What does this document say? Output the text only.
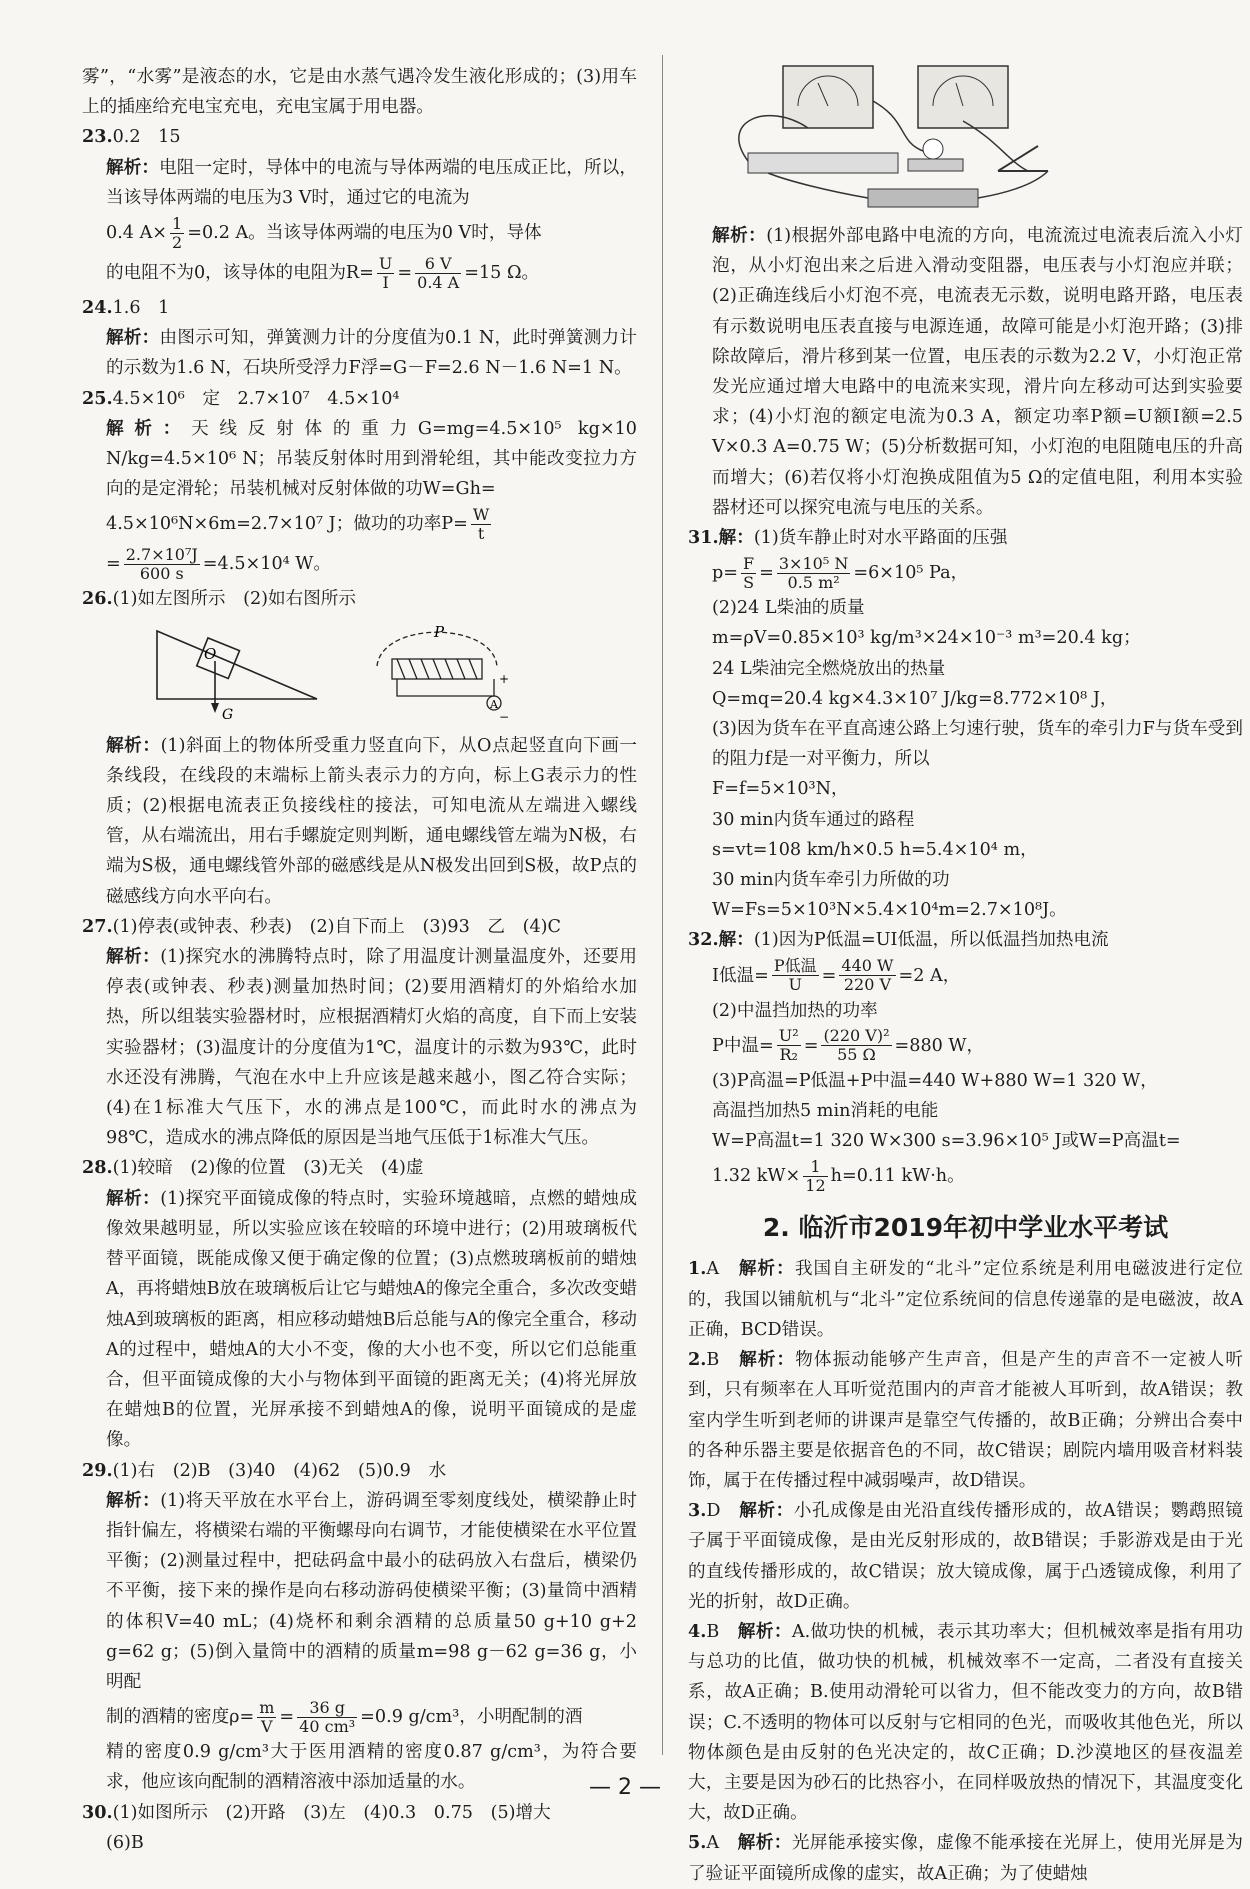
雾”，“水雾”是液态的水，它是由水蒸气遇冷发生液化形成的；(3)用车上的插座给充电宝充电，充电宝属于用电器。

23.0.2　15

解析：电阻一定时，导体中的电流与导体两端的电压成正比，所以，当该导体两端的电压为3 V时，通过它的电流为

0.4 $A\times \frac{1}{2} =0.2$ A。当该导体两端的电压为0 V时，导体

的电阻不为0，该导体的电阻为$R= \frac{U}{I} = \frac{6 V}{0.4 A} =15$ Ω。

24.1.6　1

解析：由图示可知，弹簧测力计的分度值为0.1 N，此时弹簧测力计的示数为1.6 N，石块所受浮力F浮=G－F=2.6 N－1.6 N=1 N。

25.4.5×10⁶　定　2.7×10⁷　4.5×10⁴

解析：天线反射体的重力G=mg=4.5×10⁵ kg×10 N/kg=4.5×10⁶ N；吊装反射体时用到滑轮组，其中能改变拉力方向的是定滑轮；吊装机械对反射体做的功W=Gh=

4.5×10⁶N×6m=2.7×10⁷ J；做功的功率$P= \frac{W}{t}$

= $\frac{\text{2.7×10⁷J}}{600 s} =4.5\times 10^4$ W。

26.(1)如左图所示　(2)如右图所示

O
G
P
A
+
−

解析：(1)斜面上的物体所受重力竖直向下，从O点起竖直向下画一条线段，在线段的末端标上箭头表示力的方向，标上G表示力的性质；(2)根据电流表正负接线柱的接法，可知电流从左端进入螺线管，从右端流出，用右手螺旋定则判断，通电螺线管左端为N极，右端为S极，通电螺线管外部的磁感线是从N极发出回到S极，故P点的磁感线方向水平向右。

27.(1)停表(或钟表、秒表)　(2)自下而上　(3)93　乙　(4)C

解析：(1)探究水的沸腾特点时，除了用温度计测量温度外，还要用停表(或钟表、秒表)测量加热时间；(2)要用酒精灯的外焰给水加热，所以组装实验器材时，应根据酒精灯火焰的高度，自下而上安装实验器材；(3)温度计的分度值为1℃，温度计的示数为93℃，此时水还没有沸腾，气泡在水中上升应该是越来越小，图乙符合实际；(4)在1标准大气压下，水的沸点是100℃，而此时水的沸点为98℃，造成水的沸点降低的原因是当地气压低于1标准大气压。

28.(1)较暗　(2)像的位置　(3)无关　(4)虚

解析：(1)探究平面镜成像的特点时，实验环境越暗，点燃的蜡烛成像效果越明显，所以实验应该在较暗的环境中进行；(2)用玻璃板代替平面镜，既能成像又便于确定像的位置；(3)点燃玻璃板前的蜡烛A，再将蜡烛B放在玻璃板后让它与蜡烛A的像完全重合，多次改变蜡烛A到玻璃板的距离，相应移动蜡烛B后总能与A的像完全重合，移动A的过程中，蜡烛A的大小不变，像的大小也不变，所以它们总能重合，但平面镜成像的大小与物体到平面镜的距离无关；(4)将光屏放在蜡烛B的位置，光屏承接不到蜡烛A的像，说明平面镜成的是虚像。

29.(1)右　(2)B　(3)40　(4)62　(5)0.9　水

解析：(1)将天平放在水平台上，游码调至零刻度线处，横梁静止时指针偏左，将横梁右端的平衡螺母向右调节，才能使横梁在水平位置平衡；(2)测量过程中，把砝码盒中最小的砝码放入右盘后，横梁仍不平衡，接下来的操作是向右移动游码使横梁平衡；(3)量筒中酒精的体积V=40 mL；(4)烧杯和剩余酒精的总质量50 g+10 g+2 g=62 g；(5)倒入量筒中的酒精的质量m=98 g－62 g=36 g，小明配

制的酒精的密度$\rho= \frac{m}{V} = \frac{36 g}{\text{40 cm³}} =0.9$ g/cm³，小明配制的酒

精的密度0.9 g/cm³大于医用酒精的密度0.87 g/cm³，为符合要求，他应该向配制的酒精溶液中添加适量的水。

30.(1)如图所示　(2)开路　(3)左　(4)0.3　0.75　(5)增大

(6)B

解析：(1)根据外部电路中电流的方向，电流流过电流表后流入小灯泡，从小灯泡出来之后进入滑动变阻器，电压表与小灯泡应并联；(2)正确连线后小灯泡不亮，电流表无示数，说明电路开路，电压表有示数说明电压表直接与电源连通，故障可能是小灯泡开路；(3)排除故障后，滑片移到某一位置，电压表的示数为2.2 V，小灯泡正常发光应通过增大电路中的电流来实现，滑片向左移动可达到实验要求；(4)小灯泡的额定电流为0.3 A，额定功率P额=U额I额=2.5 V×0.3 A=0.75 W；(5)分析数据可知，小灯泡的电阻随电压的升高而增大；(6)若仅将小灯泡换成阻值为5 Ω的定值电阻，利用本实验器材还可以探究电流与电压的关系。

31.解：(1)货车静止时对水平路面的压强

$p= \frac{F}{S} = \frac{\text{3×10⁵ N}}{\text{0.5 m²}} =6\times 10^5$ Pa，

(2)24 L柴油的质量

m=ρV=0.85×10³ kg/m³×24×10⁻³ m³=20.4 kg；

24 L柴油完全燃烧放出的热量

Q=mq=20.4 kg×4.3×10⁷ J/kg=8.772×10⁸ J，

(3)因为货车在平直高速公路上匀速行驶，货车的牵引力F与货车受到的阻力f是一对平衡力，所以

F=f=5×10³N，

30 min内货车通过的路程

s=vt=108 km/h×0.5 h=5.4×10⁴ m，

30 min内货车牵引力所做的功

W=Fs=5×10³N×5.4×10⁴m=2.7×10⁸J。

32.解：(1)因为P低温=UI低温，所以低温挡加热电流

I低温= $\frac{\text{P低温}}{U} = \frac{440 W}{220 V} =2$ A，

(2)中温挡加热的功率

P中温= $\frac{\text{U²}}{\text{R₂}} = \frac{\text{(220 V)²}}{55 \Omega} =880$ W，

(3)P高温=P低温+P中温=440 W+880 W=1 320 W，

高温挡加热5 min消耗的电能

W=P高温t=1 320 W×300 s=3.96×10⁵ J或W=P高温t=

1.32 $kW\times \frac{1}{12} h=0.11$ kW·h。

2. 临沂市2019年初中学业水平考试

1.A　 解析：我国自主研发的“北斗”定位系统是利用电磁波进行定位的，我国以铺航机与“北斗”定位系统间的信息传递靠的是电磁波，故A正确，BCD错误。

2.B　 解析：物体振动能够产生声音，但是产生的声音不一定被人听到，只有频率在人耳听觉范围内的声音才能被人耳听到，故A错误；教室内学生听到老师的讲课声是靠空气传播的，故B正确；分辨出合奏中的各种乐器主要是依据音色的不同，故C错误；剧院内墙用吸音材料装饰，属于在传播过程中减弱噪声，故D错误。

3.D　 解析：小孔成像是由光沿直线传播形成的，故A错误；鹦鹉照镜子属于平面镜成像，是由光反射形成的，故B错误；手影游戏是由于光的直线传播形成的，故C错误；放大镜成像，属于凸透镜成像，利用了光的折射，故D正确。

4.B　 解析：A.做功快的机械，表示其功率大；但机械效率是指有用功与总功的比值，做功快的机械，机械效率不一定高，二者没有直接关系，故A正确；B.使用动滑轮可以省力，但不能改变力的方向，故B错误；C.不透明的物体可以反射与它相同的色光，而吸收其他色光，所以物体颜色是由反射的色光决定的，故C正确；D.沙漠地区的昼夜温差大，主要是因为砂石的比热容小，在同样吸放热的情况下，其温度变化大，故D正确。

5.A　 解析：光屏能承接实像，虚像不能承接在光屏上，使用光屏是为了验证平面镜所成像的虚实，故A正确；为了使蜡烛

— 2 —
